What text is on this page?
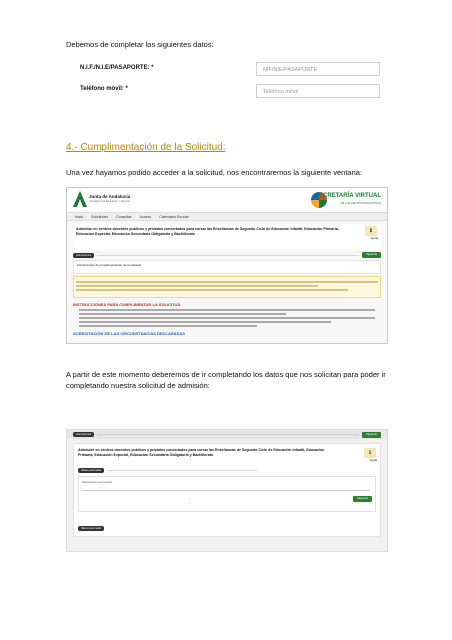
Debemos de completar los siguientes datos:
N.I.F./N.I.E/PASAPORTE: *	NIF/NIE/PASAPORTE
Teléfono móvil: *	Teléfono móvil
4.- Cumplimentación de la Solicitud:
Una vez hayamos podido acceder a la solicitud, nos encontraremos la siguiente ventana:
Junta de Andalucía
Consejería de Educación y Deporte
SECRETARÍA VIRTUAL
DE LOS CENTROS EDUCATIVOS
Inicio Solicitudes Consultas Acceso Calendario Escolar
Admisión en centros docentes públicos y privados concertados para cursar las Enseñanzas de Segundo Ciclo de Educación Infantil, Educación Primaria, Educación Especial, Educación Secundaria Obligatoria y Bachillerato	ℹ
Ayuda
Instrucciones	Siguiente
Instrucciones de cumplimentación de la solicitud
INSTRUCCIONES PARA CUMPLIMENTAR LA SOLICITUD
ACREDITACIÓN DE LAS CIRCUNSTANCIAS DECLARADAS
A partir de este momento deberemos de ir completando los datos que nos solicitan para poder ir completando nuestra solicitud de admisión:
Instrucciones	Siguiente
Admisión en centros docentes públicos y privados concertados para cursar las Enseñanzas de Segundo Ciclo de Educación Infantil, Educación Primaria, Educación Especial, Educación Secundaria Obligatoria y Bachillerato	ℹ
Ayuda
Datos personales
Seleccione una opción
○
○
Siguiente
Datos personales
